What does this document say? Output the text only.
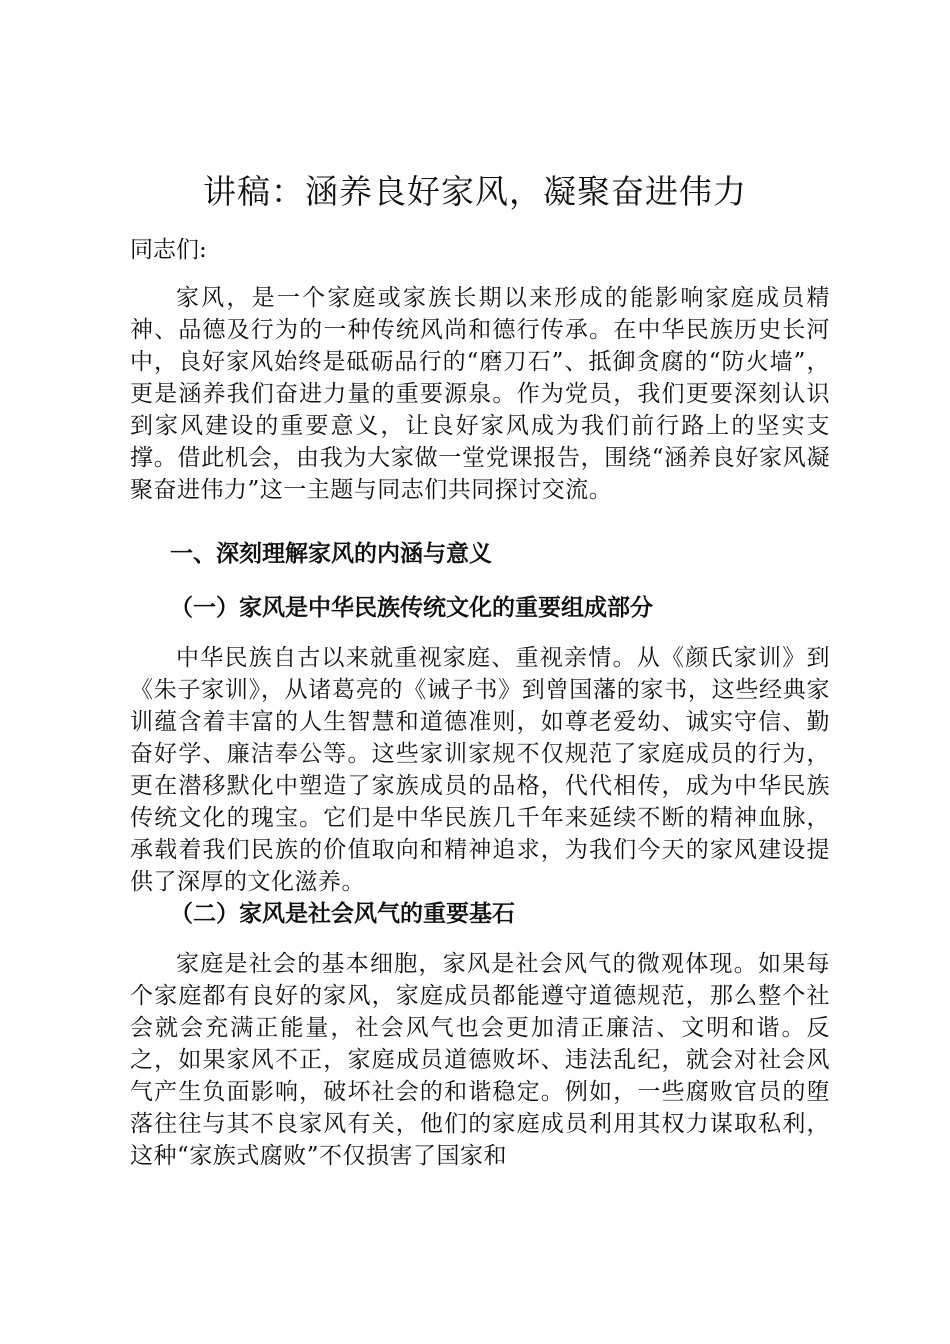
讲稿：涵养良好家风，凝聚奋进伟力
同志们:
家风，是一个家庭或家族长期以来形成的能影响家庭成员精神、品德及行为的一种传统风尚和德行传承。在中华民族历史长河中，良好家风始终是砥砺品行的“磨刀石”、抵御贪腐的“防火墙”，更是涵养我们奋进力量的重要源泉。作为党员，我们更要深刻认识到家风建设的重要意义，让良好家风成为我们前行路上的坚实支撑。借此机会，由我为大家做一堂党课报告，围绕“涵养良好家风凝聚奋进伟力”这一主题与同志们共同探讨交流。
一、深刻理解家风的内涵与意义
（一）家风是中华民族传统文化的重要组成部分
中华民族自古以来就重视家庭、重视亲情。从《颜氏家训》到《朱子家训》，从诸葛亮的《诫子书》到曾国藩的家书，这些经典家训蕴含着丰富的人生智慧和道德准则，如尊老爱幼、诚实守信、勤奋好学、廉洁奉公等。这些家训家规不仅规范了家庭成员的行为，更在潜移默化中塑造了家族成员的品格，代代相传，成为中华民族传统文化的瑰宝。它们是中华民族几千年来延续不断的精神血脉，承载着我们民族的价值取向和精神追求，为我们今天的家风建设提供了深厚的文化滋养。
（二）家风是社会风气的重要基石
家庭是社会的基本细胞，家风是社会风气的微观体现。如果每个家庭都有良好的家风，家庭成员都能遵守道德规范，那么整个社会就会充满正能量，社会风气也会更加清正廉洁、文明和谐。反之，如果家风不正，家庭成员道德败坏、违法乱纪，就会对社会风气产生负面影响，破坏社会的和谐稳定。例如，一些腐败官员的堕落往往与其不良家风有关，他们的家庭成员利用其权力谋取私利，这种“家族式腐败”不仅损害了国家和
